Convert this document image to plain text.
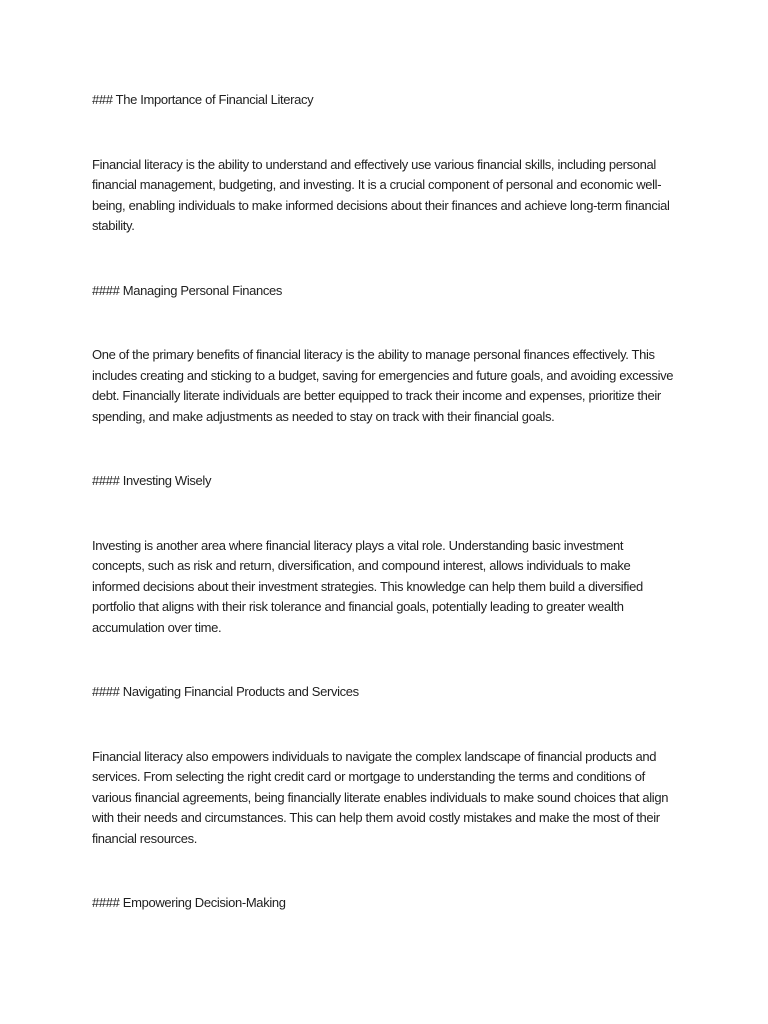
### The Importance of Financial Literacy

Financial literacy is the ability to understand and effectively use various financial skills, including personal financial management, budgeting, and investing. It is a crucial component of personal and economic well-being, enabling individuals to make informed decisions about their finances and achieve long-term financial stability.

#### Managing Personal Finances

One of the primary benefits of financial literacy is the ability to manage personal finances effectively. This includes creating and sticking to a budget, saving for emergencies and future goals, and avoiding excessive debt. Financially literate individuals are better equipped to track their income and expenses, prioritize their spending, and make adjustments as needed to stay on track with their financial goals.

#### Investing Wisely

Investing is another area where financial literacy plays a vital role. Understanding basic investment concepts, such as risk and return, diversification, and compound interest, allows individuals to make informed decisions about their investment strategies. This knowledge can help them build a diversified portfolio that aligns with their risk tolerance and financial goals, potentially leading to greater wealth accumulation over time.

#### Navigating Financial Products and Services

Financial literacy also empowers individuals to navigate the complex landscape of financial products and services. From selecting the right credit card or mortgage to understanding the terms and conditions of various financial agreements, being financially literate enables individuals to make sound choices that align with their needs and circumstances. This can help them avoid costly mistakes and make the most of their financial resources.

#### Empowering Decision-Making
